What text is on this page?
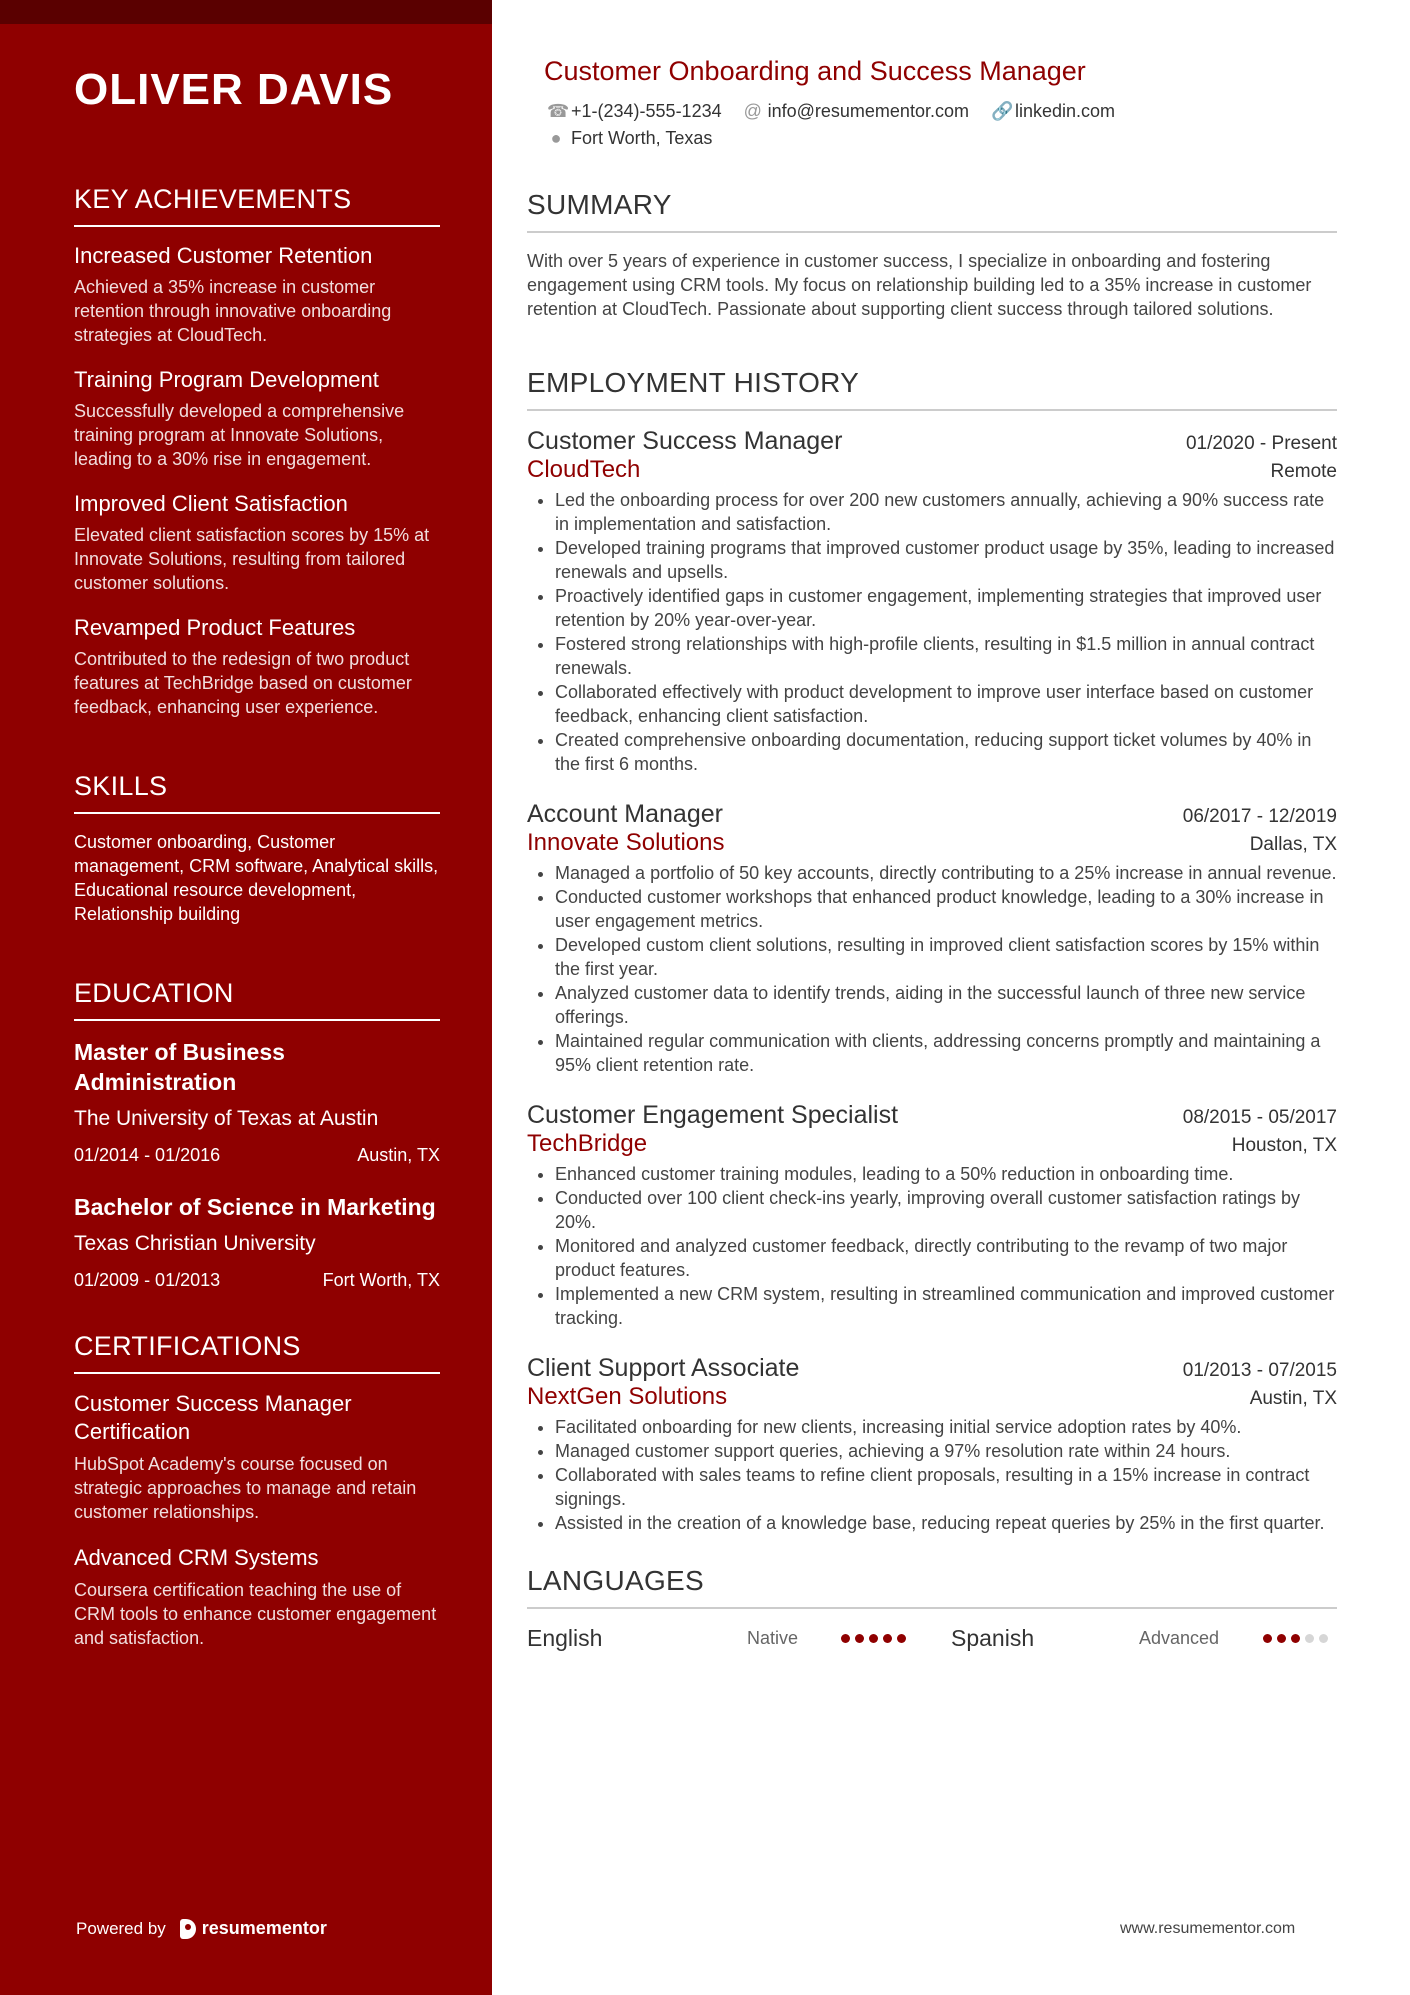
OLIVER DAVIS
KEY ACHIEVEMENTS
Increased Customer Retention
Achieved a 35% increase in customer retention through innovative onboarding strategies at CloudTech.
Training Program Development
Successfully developed a comprehensive training program at Innovate Solutions, leading to a 30% rise in engagement.
Improved Client Satisfaction
Elevated client satisfaction scores by 15% at Innovate Solutions, resulting from tailored customer solutions.
Revamped Product Features
Contributed to the redesign of two product features at TechBridge based on customer feedback, enhancing user experience.
SKILLS
Customer onboarding, Customer management, CRM software, Analytical skills, Educational resource development, Relationship building
EDUCATION
Master of Business Administration
The University of Texas at Austin
01/2014 - 01/2016	Austin, TX
Bachelor of Science in Marketing
Texas Christian University
01/2009 - 01/2013	Fort Worth, TX
CERTIFICATIONS
Customer Success Manager Certification
HubSpot Academy's course focused on strategic approaches to manage and retain customer relationships.
Advanced CRM Systems
Coursera certification teaching the use of CRM tools to enhance customer engagement and satisfaction.
Powered by resumementor
Customer Onboarding and Success Manager
☎ +1-(234)-555-1234 @ info@resumementor.com 🔗 linkedin.com
● Fort Worth, Texas
SUMMARY
With over 5 years of experience in customer success, I specialize in onboarding and fostering engagement using CRM tools. My focus on relationship building led to a 35% increase in customer retention at CloudTech. Passionate about supporting client success through tailored solutions.
EMPLOYMENT HISTORY
Customer Success Manager	01/2020 - Present
CloudTech	Remote
• Led the onboarding process for over 200 new customers annually, achieving a 90% success rate in implementation and satisfaction.
• Developed training programs that improved customer product usage by 35%, leading to increased renewals and upsells.
• Proactively identified gaps in customer engagement, implementing strategies that improved user retention by 20% year-over-year.
• Fostered strong relationships with high-profile clients, resulting in $1.5 million in annual contract renewals.
• Collaborated effectively with product development to improve user interface based on customer feedback, enhancing client satisfaction.
• Created comprehensive onboarding documentation, reducing support ticket volumes by 40% in the first 6 months.
Account Manager	06/2017 - 12/2019
Innovate Solutions	Dallas, TX
• Managed a portfolio of 50 key accounts, directly contributing to a 25% increase in annual revenue.
• Conducted customer workshops that enhanced product knowledge, leading to a 30% increase in user engagement metrics.
• Developed custom client solutions, resulting in improved client satisfaction scores by 15% within the first year.
• Analyzed customer data to identify trends, aiding in the successful launch of three new service offerings.
• Maintained regular communication with clients, addressing concerns promptly and maintaining a 95% client retention rate.
Customer Engagement Specialist	08/2015 - 05/2017
TechBridge	Houston, TX
• Enhanced customer training modules, leading to a 50% reduction in onboarding time.
• Conducted over 100 client check-ins yearly, improving overall customer satisfaction ratings by 20%.
• Monitored and analyzed customer feedback, directly contributing to the revamp of two major product features.
• Implemented a new CRM system, resulting in streamlined communication and improved customer tracking.
Client Support Associate	01/2013 - 07/2015
NextGen Solutions	Austin, TX
• Facilitated onboarding for new clients, increasing initial service adoption rates by 40%.
• Managed customer support queries, achieving a 97% resolution rate within 24 hours.
• Collaborated with sales teams to refine client proposals, resulting in a 15% increase in contract signings.
• Assisted in the creation of a knowledge base, reducing repeat queries by 25% in the first quarter.
LANGUAGES
English	Native	Spanish	Advanced
www.resumementor.com
